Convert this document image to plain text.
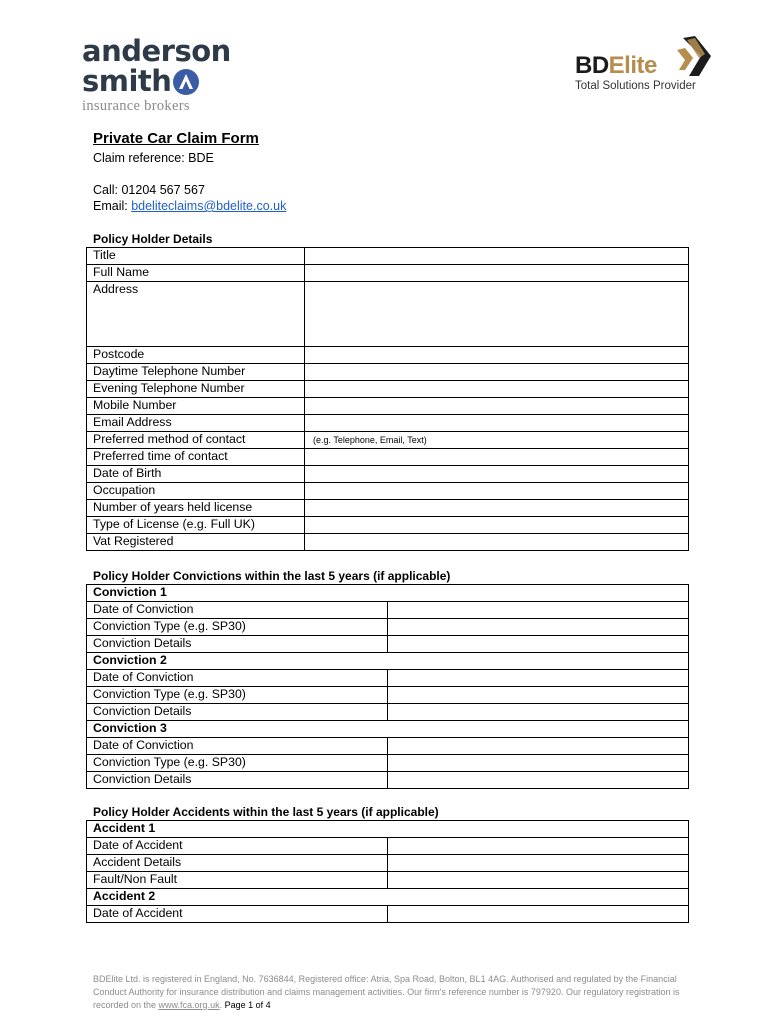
anderson
smith
insurance brokers
BDElite
Total Solutions Provider
Private Car Claim Form
Claim reference: BDE
Call: 01204 567 567
Email: bdeliteclaims@bdelite.co.uk
Policy Holder Details
Title	
Full Name	
Address	
Postcode	
Daytime Telephone Number	
Evening Telephone Number	
Mobile Number	
Email Address	
Preferred method of contact	(e.g. Telephone, Email, Text)
Preferred time of contact	
Date of Birth	
Occupation	
Number of years held license	
Type of License (e.g. Full UK)	
Vat Registered	
Policy Holder Convictions within the last 5 years (if applicable)
Conviction 1	
Date of Conviction	
Conviction Type (e.g. SP30)	
Conviction Details	
Conviction 2	
Date of Conviction	
Conviction Type (e.g. SP30)	
Conviction Details	
Conviction 3	
Date of Conviction	
Conviction Type (e.g. SP30)	
Conviction Details	
Policy Holder Accidents within the last 5 years (if applicable)
Accident 1	
Date of Accident	
Accident Details	
Fault/Non Fault	
Accident 2	
Date of Accident	
BDElite Ltd. is registered in England, No. 7636844, Registered office: Atria, Spa Road, Bolton, BL1 4AG. Authorised and regulated by the Financial Conduct Authority for insurance distribution and claims management activities. Our firm's reference number is 797920. Our regulatory registration is recorded on the www.fca.org.uk. Page 1 of 4
